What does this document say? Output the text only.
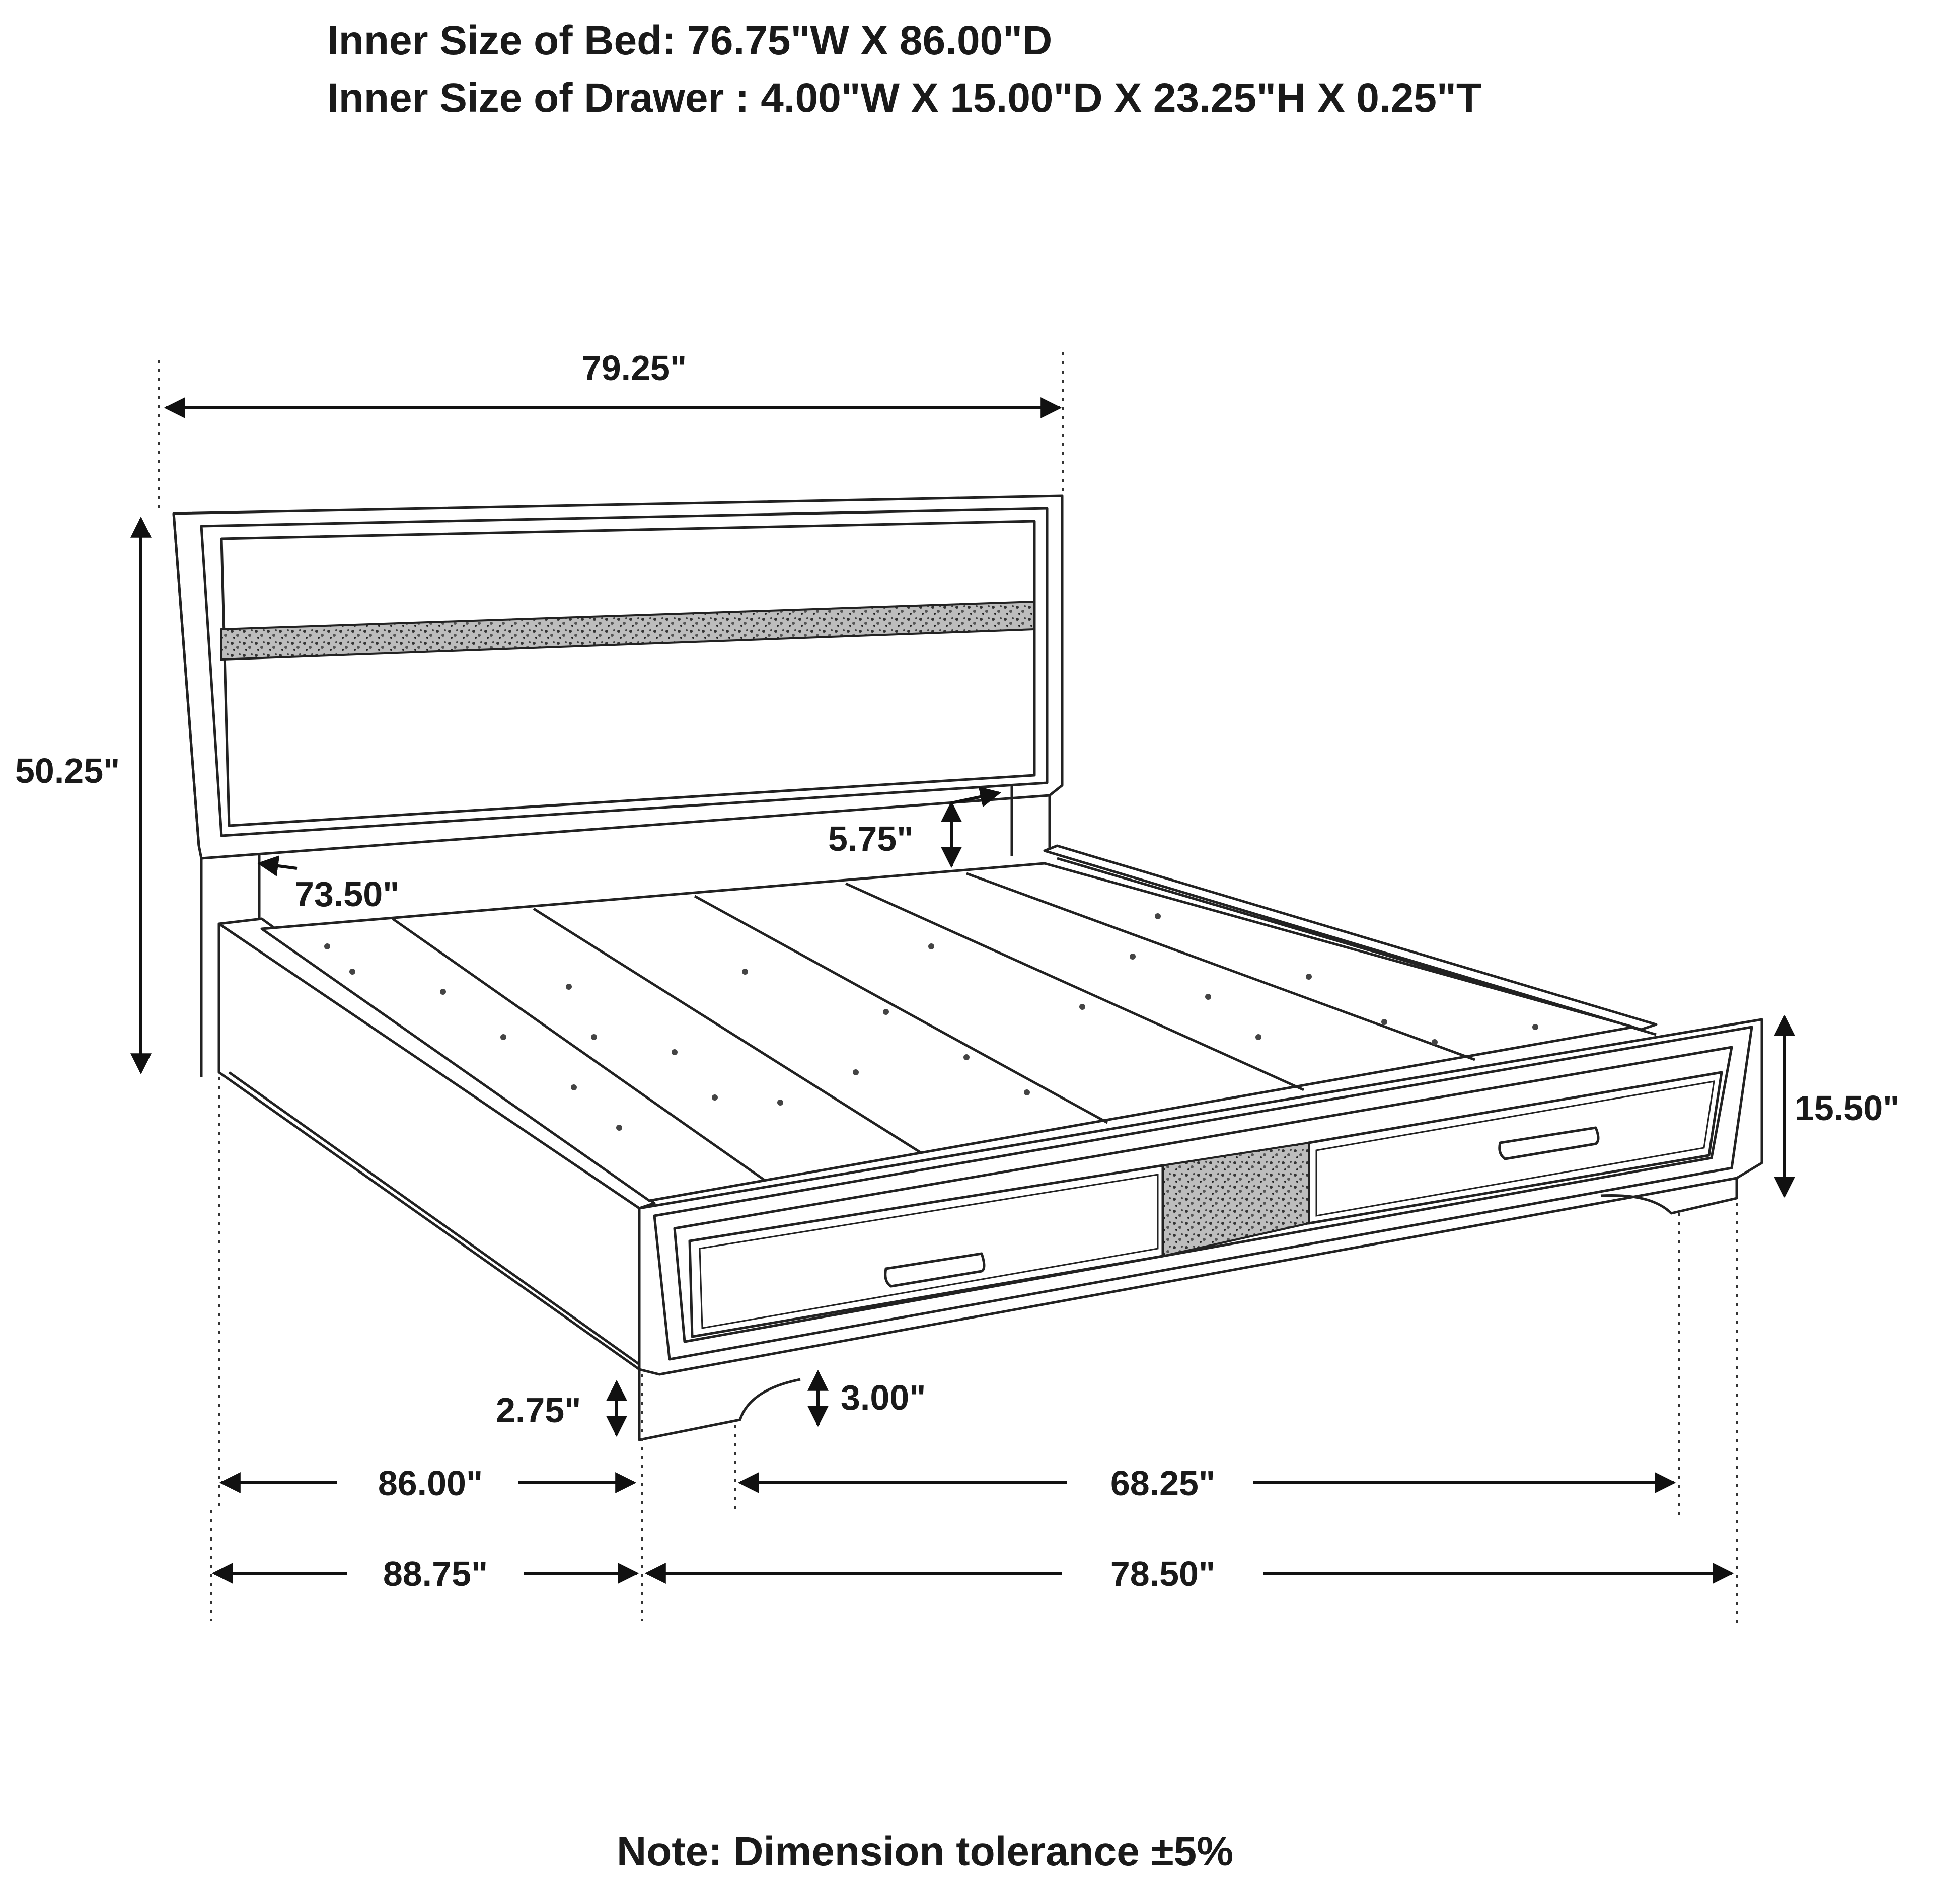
Inner Size of Bed: 76.75"W X 86.00"D
Inner Size of Drawer : 4.00"W X 15.00"D X 23.25"H X 0.25"T
79.25"
50.25"
5.75"
73.50"
15.50"
2.75"	3.00"
86.00"	68.25"
88.75"	78.50"
Note: Dimension tolerance ±5%
